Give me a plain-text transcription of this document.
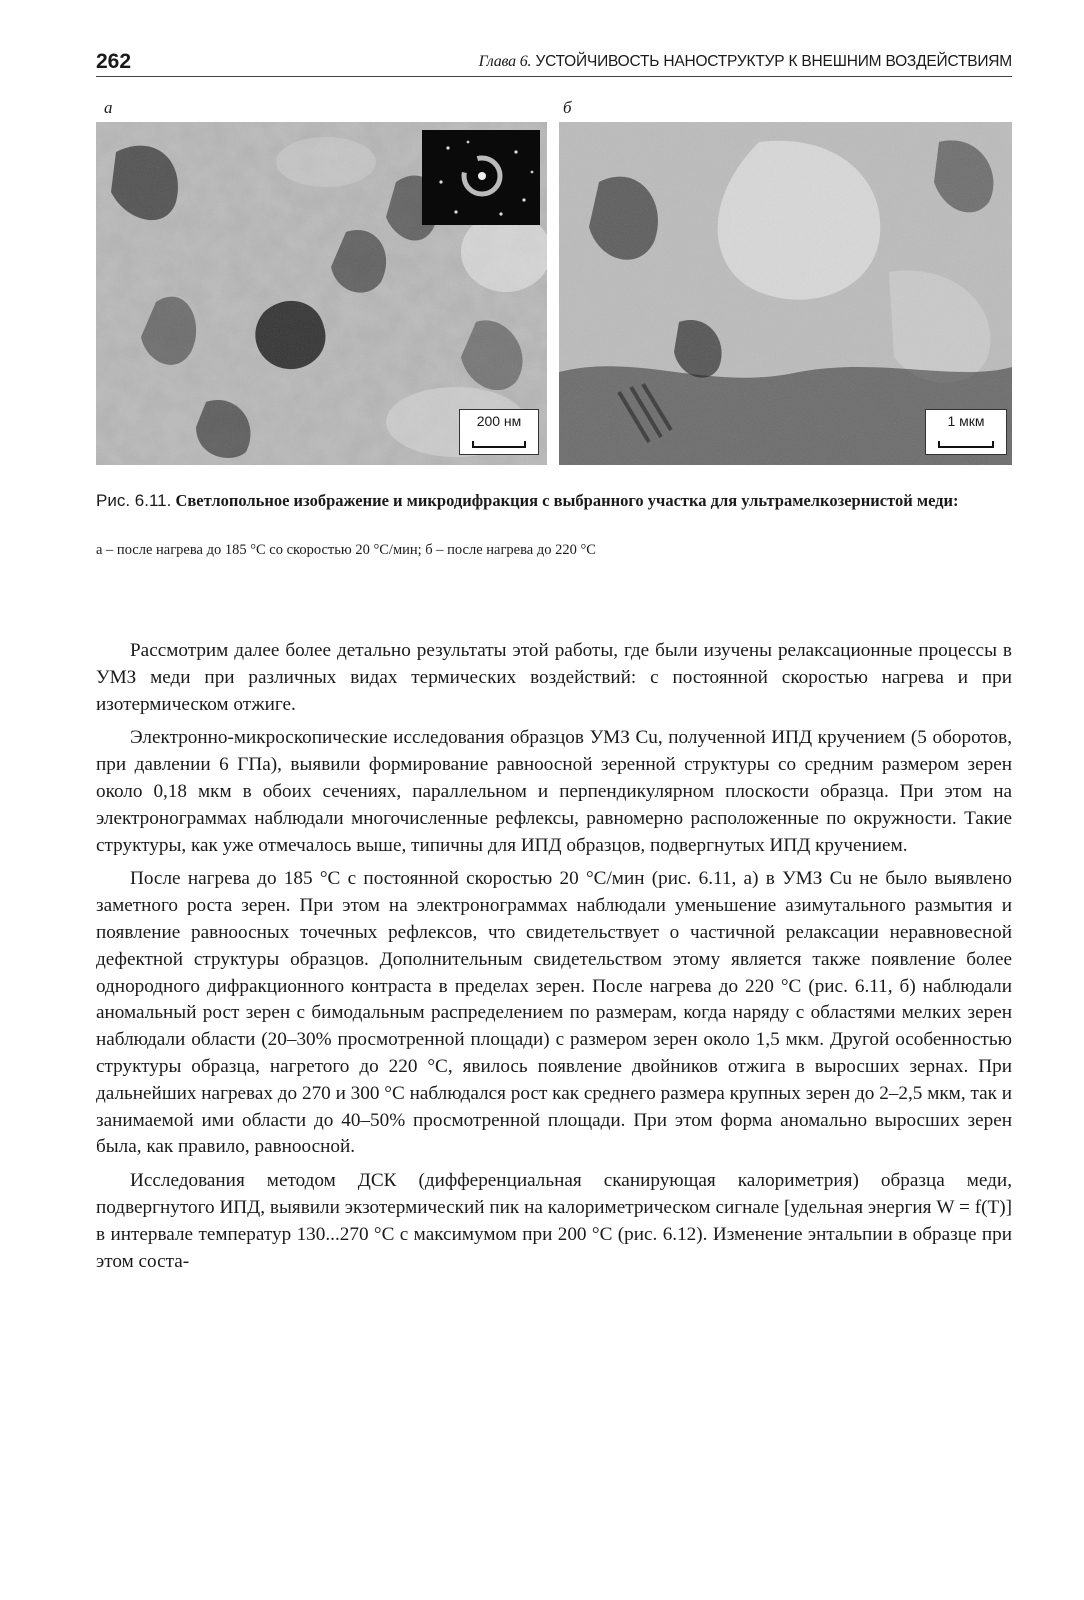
262	Глава 6. УСТОЙЧИВОСТЬ НАНОСТРУКТУР К ВНЕШНИМ ВОЗДЕЙСТВИЯМ
а	б
200 нм	1 мкм
Рис. 6.11. Светлопольное изображение и микродифракция с выбранного участка для ультрамелкозернистой меди:
а – после нагрева до 185 °С со скоростью 20 °С/мин; б – после нагрева до 220 °С

Рассмотрим далее более детально результаты этой работы, где были изучены релаксационные процессы в УМЗ меди при различных видах термических воздействий: с постоянной скоростью нагрева и при изотермическом отжиге.

Электронно-микроскопические исследования образцов УМЗ Cu, полученной ИПД кручением (5 оборотов, при давлении 6 ГПа), выявили формирование равноосной зеренной структуры со средним размером зерен около 0,18 мкм в обоих сечениях, параллельном и перпендикулярном плоскости образца. При этом на электронограммах наблюдали многочисленные рефлексы, равномерно расположенные по окружности. Такие структуры, как уже отмечалось выше, типичны для ИПД образцов, подвергнутых ИПД кручением.

После нагрева до 185 °С с постоянной скоростью 20 °С/мин (рис. 6.11, а) в УМЗ Cu не было выявлено заметного роста зерен. При этом на электронограммах наблюдали уменьшение азимутального размытия и появление равноосных точечных рефлексов, что свидетельствует о частичной релаксации неравновесной дефектной структуры образцов. Дополнительным свидетельством этому является также появление более однородного дифракционного контраста в пределах зерен. После нагрева до 220 °С (рис. 6.11, б) наблюдали аномальный рост зерен с бимодальным распределением по размерам, когда наряду с областями мелких зерен наблюдали области (20–30% просмотренной площади) с размером зерен около 1,5 мкм. Другой особенностью структуры образца, нагретого до 220 °С, явилось появление двойников отжига в выросших зернах. При дальнейших нагревах до 270 и 300 °С наблюдался рост как среднего размера крупных зерен до 2–2,5 мкм, так и занимаемой ими области до 40–50% просмотренной площади. При этом форма аномально выросших зерен была, как правило, равноосной.

Исследования методом ДСК (дифференциальная сканирующая калориметрия) образца меди, подвергнутого ИПД, выявили экзотермический пик на калориметрическом сигнале [удельная энергия W = f(T)] в интервале температур 130...270 °С с максимумом при 200 °С (рис. 6.12). Изменение энтальпии в образце при этом соста-
